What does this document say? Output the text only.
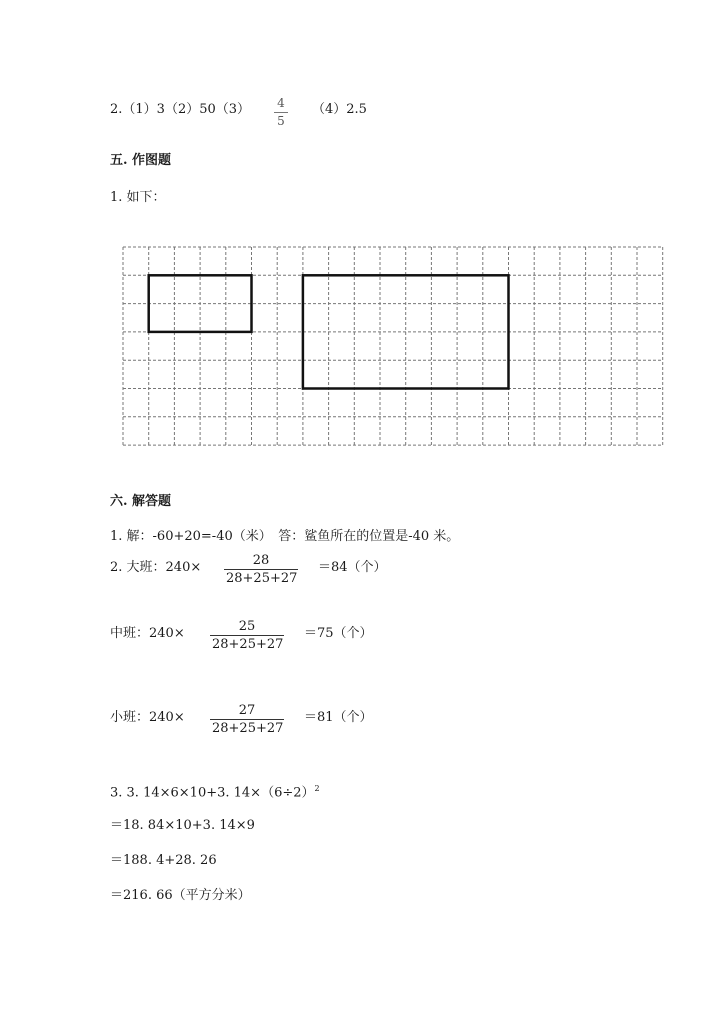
2.（1）3（2）50（3） 4
5
（4）2.5
五. 作图题
1. 如下：
六. 解答题
1. 解：-60+20=-40（米）　答：鲨鱼所在的位置是-40 米。
2. 大班：240×	28
28+25+27
＝84（个）
中班：240×	25
28+25+27
＝75（个）
小班：240×	27
28+25+27
＝81（个）
3. 3. 14×6×10+3. $14\times(6\div 2)^2$
＝18. 84×10+3. 14×9
＝188. 4+28. 26
＝216. 66（平方分米）
